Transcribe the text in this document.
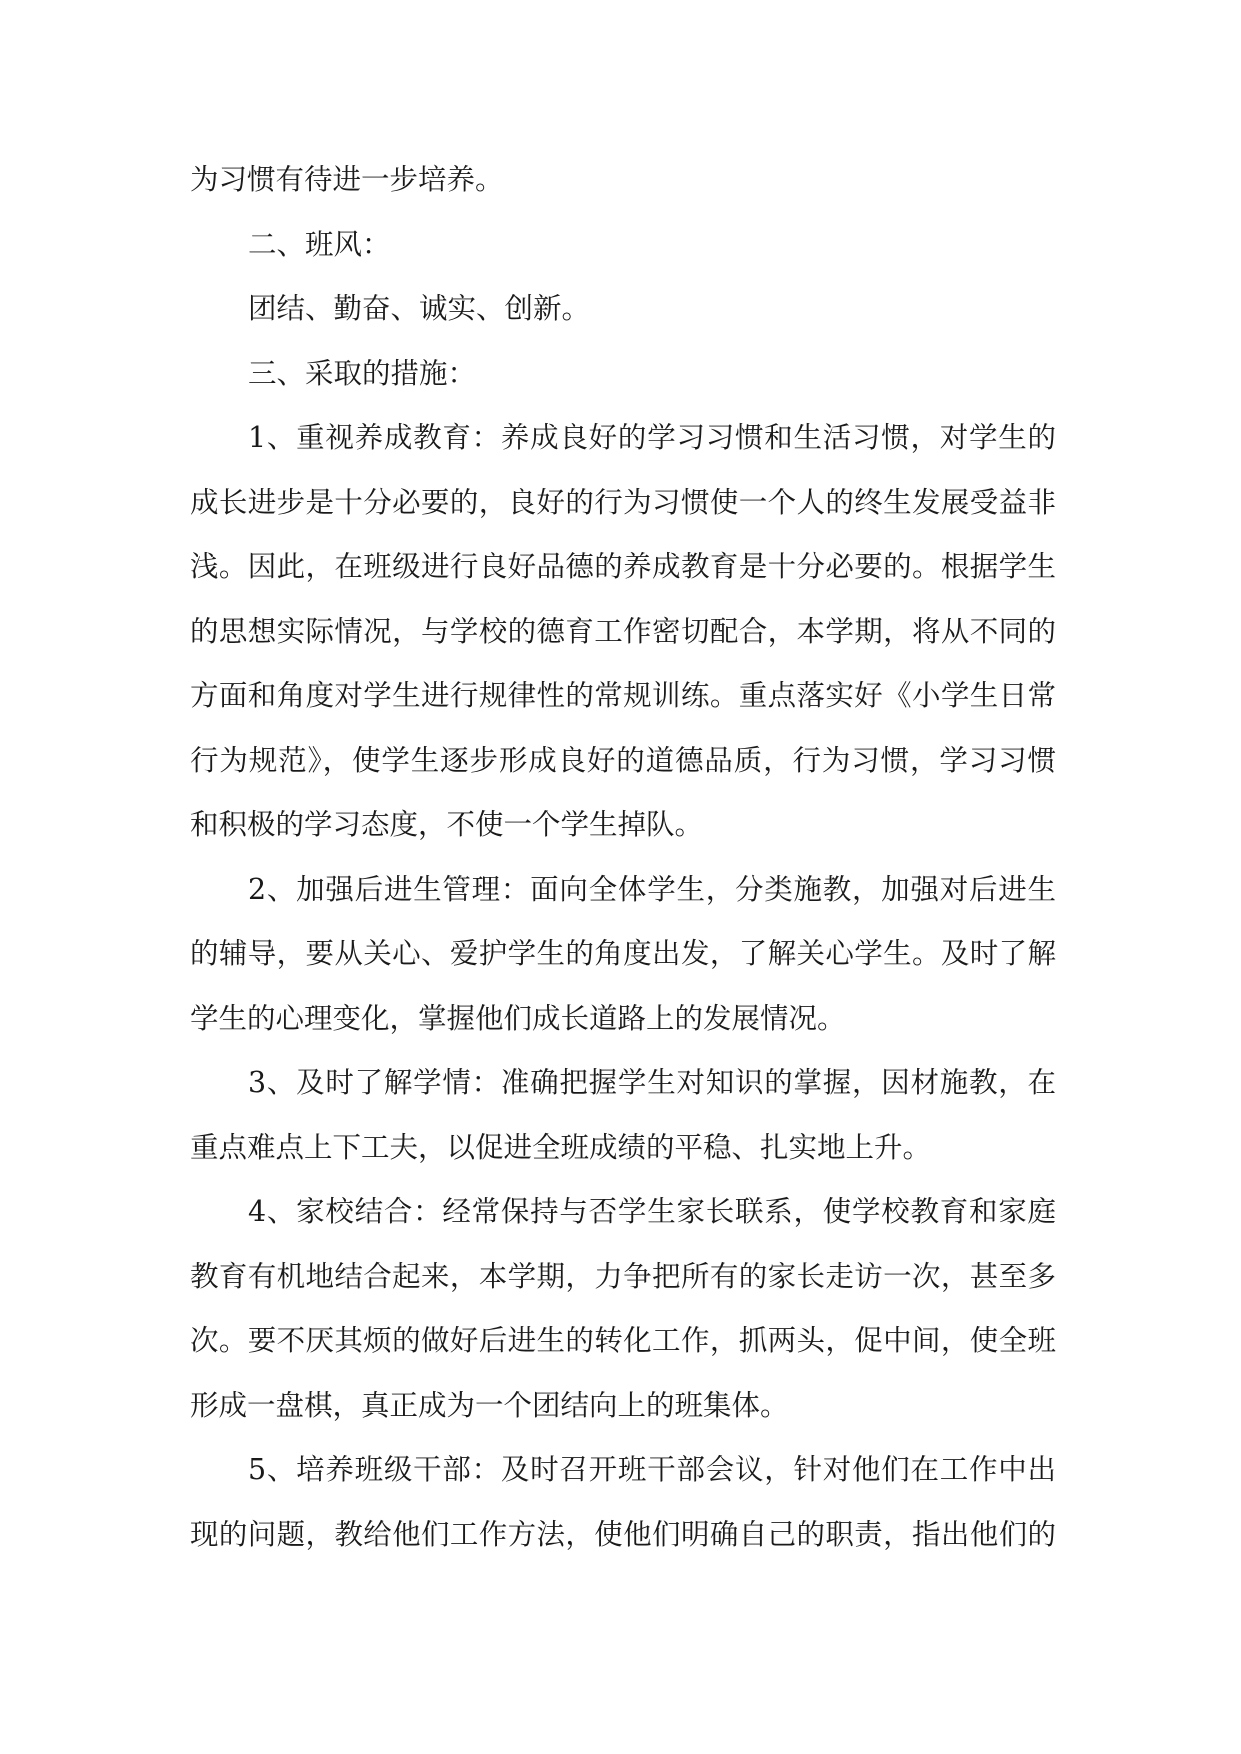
为习惯有待进一步培养。
二、班风：
团结、勤奋、诚实、创新。
三、采取的措施：
1、重视养成教育：养成良好的学习习惯和生活习惯，对学生的
成长进步是十分必要的，良好的行为习惯使一个人的终生发展受益非
浅。因此，在班级进行良好品德的养成教育是十分必要的。根据学生
的思想实际情况，与学校的德育工作密切配合，本学期，将从不同的
方面和角度对学生进行规律性的常规训练。重点落实好《小学生日常
行为规范》，使学生逐步形成良好的道德品质，行为习惯，学习习惯
和积极的学习态度，不使一个学生掉队。
2、加强后进生管理：面向全体学生，分类施教，加强对后进生
的辅导，要从关心、爱护学生的角度出发，了解关心学生。及时了解
学生的心理变化，掌握他们成长道路上的发展情况。
3、及时了解学情：准确把握学生对知识的掌握，因材施教，在
重点难点上下工夫，以促进全班成绩的平稳、扎实地上升。
4、家校结合：经常保持与否学生家长联系，使学校教育和家庭
教育有机地结合起来，本学期，力争把所有的家长走访一次，甚至多
次。要不厌其烦的做好后进生的转化工作，抓两头，促中间，使全班
形成一盘棋，真正成为一个团结向上的班集体。
5、培养班级干部：及时召开班干部会议，针对他们在工作中出
现的问题，教给他们工作方法，使他们明确自己的职责，指出他们的
